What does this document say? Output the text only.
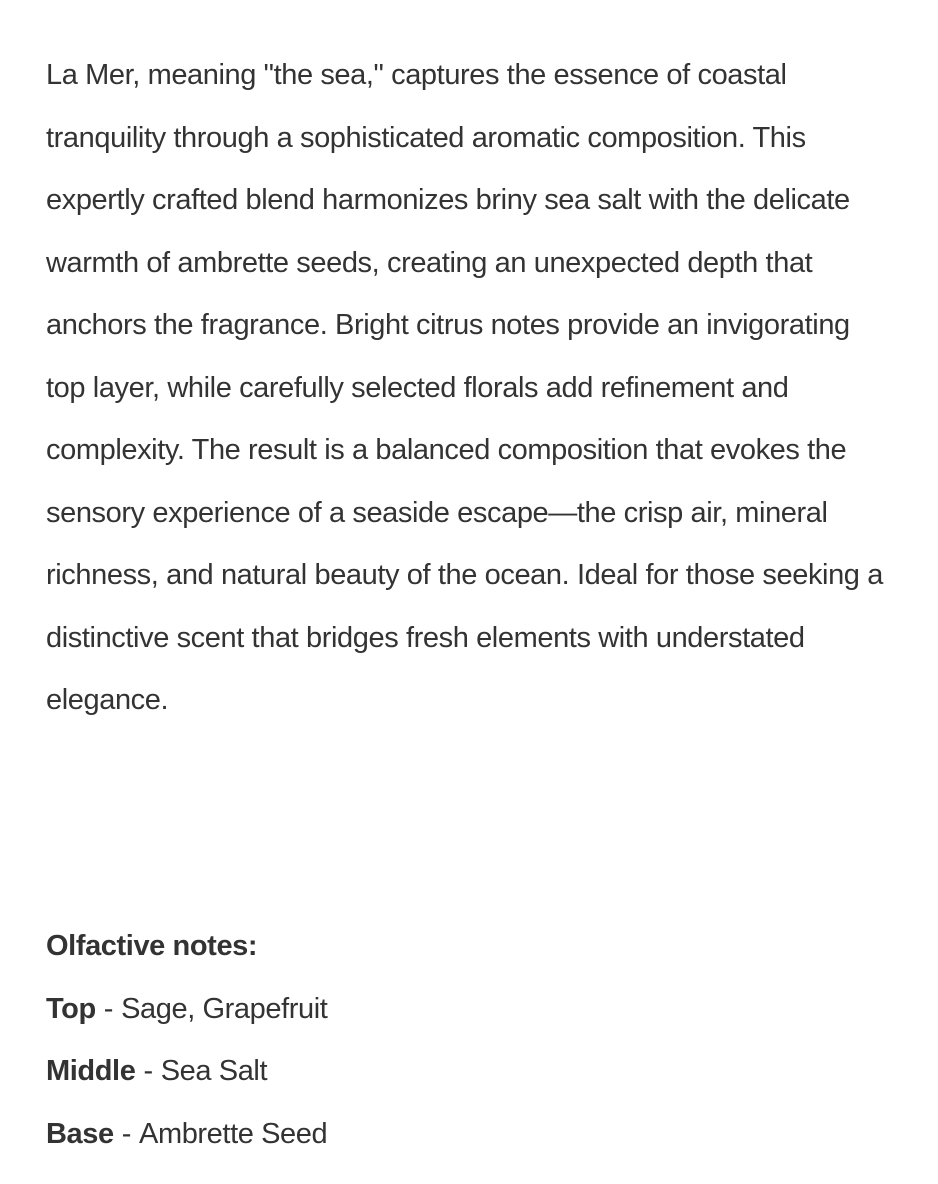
La Mer, meaning "the sea," captures the essence of coastal tranquility through a sophisticated aromatic composition. This expertly crafted blend harmonizes briny sea salt with the delicate warmth of ambrette seeds, creating an unexpected depth that anchors the fragrance. Bright citrus notes provide an invigorating top layer, while carefully selected florals add refinement and complexity. The result is a balanced composition that evokes the sensory experience of a seaside escape—the crisp air, mineral richness, and natural beauty of the ocean. Ideal for those seeking a distinctive scent that bridges fresh elements with understated elegance.

Olfactive notes:

Top - Sage, Grapefruit

Middle - Sea Salt

Base - Ambrette Seed
